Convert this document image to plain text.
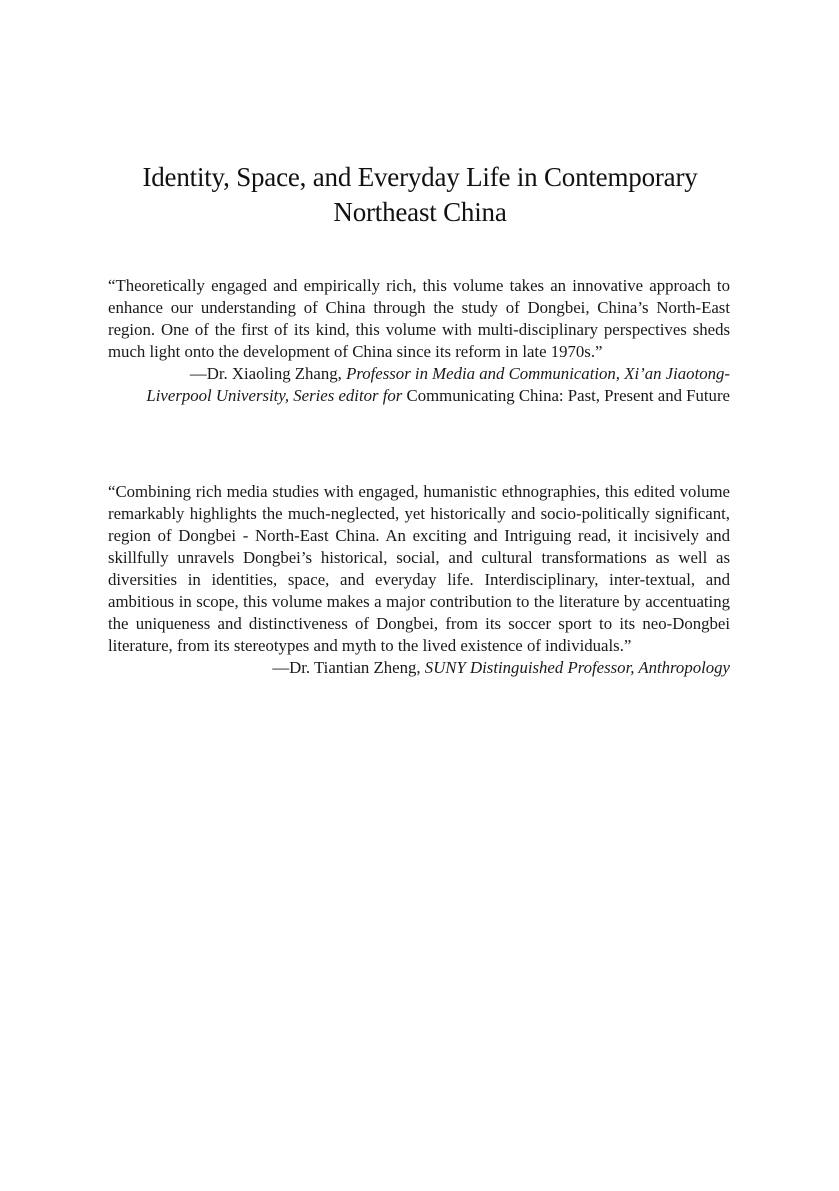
Identity, Space, and Everyday Life in Contemporary
Northeast China

“Theoretically engaged and empirically rich, this volume takes an innovative approach to enhance our understanding of China through the study of Dongbei, China’s North-East region. One of the first of its kind, this volume with multi-disciplinary perspectives sheds much light onto the development of China since its reform in late 1970s.”

—Dr. Xiaoling Zhang, Professor in Media and Communication, Xi’an Jiaotong-Liverpool University, Series editor for Communicating China: Past, Present and Future

“Combining rich media studies with engaged, humanistic ethnographies, this edited volume remarkably highlights the much-neglected, yet historically and socio-politically significant, region of Dongbei - North-East China. An exciting and Intriguing read, it incisively and skillfully unravels Dongbei’s historical, social, and cultural transformations as well as diversities in identities, space, and everyday life. Interdisciplinary, inter-textual, and ambitious in scope, this volume makes a major contribution to the literature by accentuating the uniqueness and distinctiveness of Dongbei, from its soccer sport to its neo-Dongbei literature, from its stereotypes and myth to the lived existence of individuals.”

—Dr. Tiantian Zheng, SUNY Distinguished Professor, Anthropology
